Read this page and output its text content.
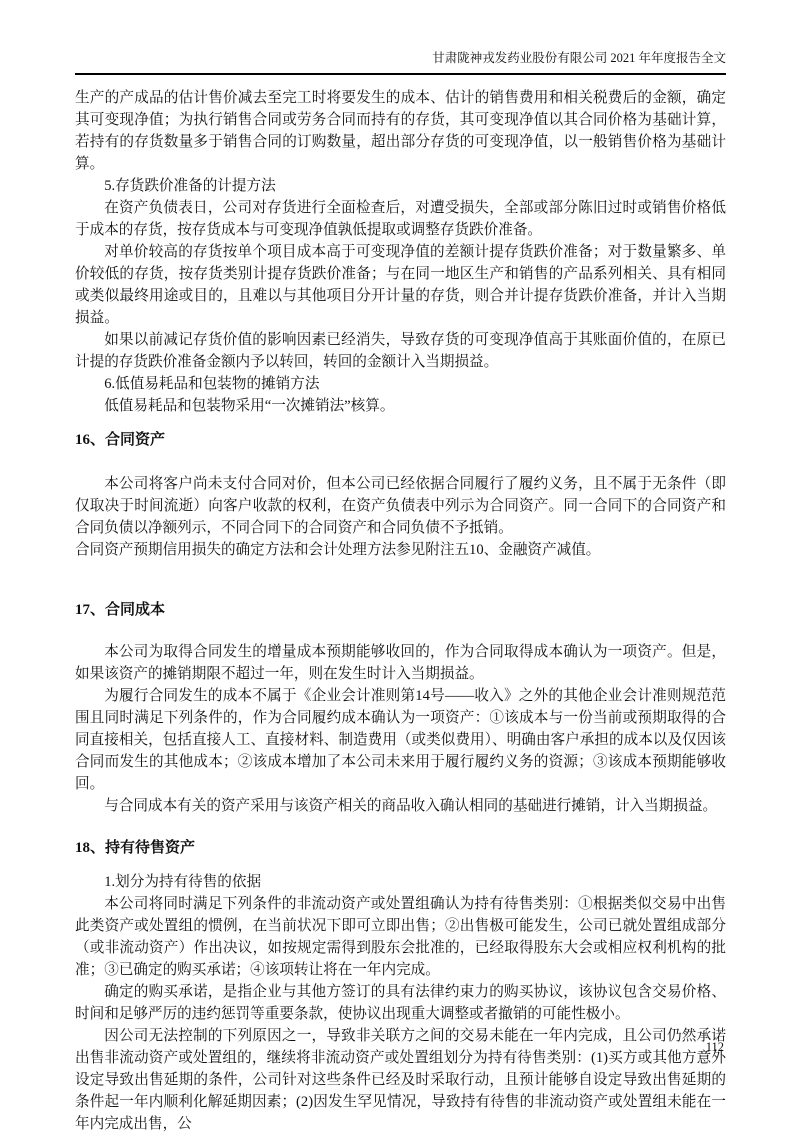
甘肃陇神戎发药业股份有限公司 2021 年年度报告全文

生产的产成品的估计售价减去至完工时将要发生的成本、估计的销售费用和相关税费后的金额，确定其可变现净值；为执行销售合同或劳务合同而持有的存货，其可变现净值以其合同价格为基础计算，若持有的存货数量多于销售合同的订购数量，超出部分存货的可变现净值，以一般销售价格为基础计算。

5.存货跌价准备的计提方法

在资产负债表日，公司对存货进行全面检查后，对遭受损失，全部或部分陈旧过时或销售价格低于成本的存货，按存货成本与可变现净值孰低提取或调整存货跌价准备。

对单价较高的存货按单个项目成本高于可变现净值的差额计提存货跌价准备；对于数量繁多、单价较低的存货，按存货类别计提存货跌价准备；与在同一地区生产和销售的产品系列相关、具有相同或类似最终用途或目的，且难以与其他项目分开计量的存货，则合并计提存货跌价准备，并计入当期损益。

如果以前减记存货价值的影响因素已经消失，导致存货的可变现净值高于其账面价值的，在原已计提的存货跌价准备金额内予以转回，转回的金额计入当期损益。

6.低值易耗品和包装物的摊销方法

低值易耗品和包装物采用“一次摊销法”核算。

16、合同资产

本公司将客户尚未支付合同对价，但本公司已经依据合同履行了履约义务，且不属于无条件（即仅取决于时间流逝）向客户收款的权利，在资产负债表中列示为合同资产。同一合同下的合同资产和合同负债以净额列示，不同合同下的合同资产和合同负债不予抵销。

合同资产预期信用损失的确定方法和会计处理方法参见附注五10、金融资产减值。

17、合同成本

本公司为取得合同发生的增量成本预期能够收回的，作为合同取得成本确认为一项资产。但是，如果该资产的摊销期限不超过一年，则在发生时计入当期损益。

为履行合同发生的成本不属于《企业会计准则第14号——收入》之外的其他企业会计准则规范范围且同时满足下列条件的，作为合同履约成本确认为一项资产：①该成本与一份当前或预期取得的合同直接相关，包括直接人工、直接材料、制造费用（或类似费用）、明确由客户承担的成本以及仅因该合同而发生的其他成本；②该成本增加了本公司未来用于履行履约义务的资源；③该成本预期能够收回。

与合同成本有关的资产采用与该资产相关的商品收入确认相同的基础进行摊销，计入当期损益。

18、持有待售资产

1.划分为持有待售的依据

本公司将同时满足下列条件的非流动资产或处置组确认为持有待售类别：①根据类似交易中出售此类资产或处置组的惯例，在当前状况下即可立即出售；②出售极可能发生，公司已就处置组成部分（或非流动资产）作出决议，如按规定需得到股东会批准的，已经取得股东大会或相应权利机构的批准；③已确定的购买承诺；④该项转让将在一年内完成。

确定的购买承诺，是指企业与其他方签订的具有法律约束力的购买协议，该协议包含交易价格、时间和足够严厉的违约惩罚等重要条款，使协议出现重大调整或者撤销的可能性极小。

因公司无法控制的下列原因之一，导致非关联方之间的交易未能在一年内完成，且公司仍然承诺出售非流动资产或处置组的，继续将非流动资产或处置组划分为持有待售类别：(1)买方或其他方意外设定导致出售延期的条件，公司针对这些条件已经及时采取行动，且预计能够自设定导致出售延期的条件起一年内顺利化解延期因素；(2)因发生罕见情况，导致持有待售的非流动资产或处置组未能在一年内完成出售，公

112
